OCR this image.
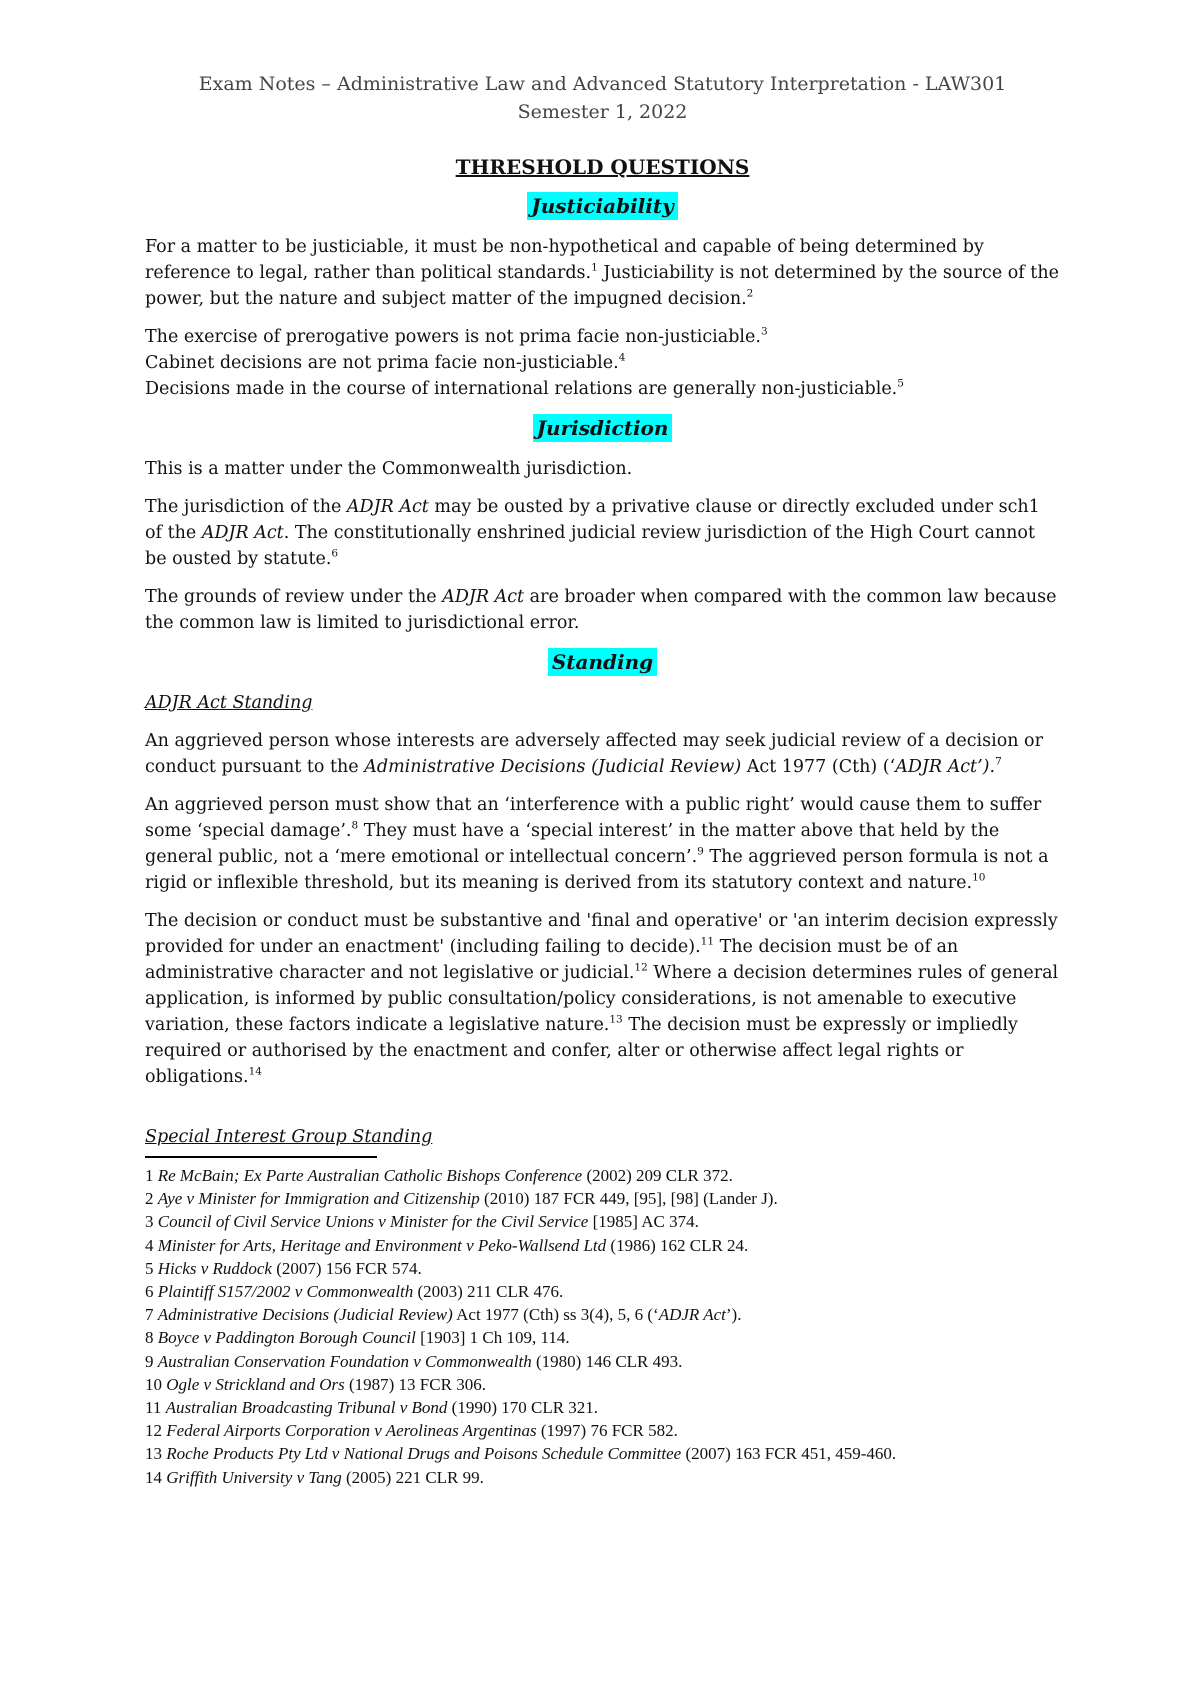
Exam Notes – Administrative Law and Advanced Statutory Interpretation - LAW301
Semester 1, 2022
THRESHOLD QUESTIONS
Justiciability

For a matter to be justiciable, it must be non-hypothetical and capable of being determined by reference to legal, rather than political standards.$^1$ Justiciability is not determined by the source of the power, but the nature and subject matter of the impugned decision.$^2$

The exercise of prerogative powers is not prima facie non-justiciable.$^3$

Cabinet decisions are not prima facie non-justiciable.$^4$

Decisions made in the course of international relations are generally non-justiciable.$^5$

Jurisdiction

This is a matter under the Commonwealth jurisdiction.

The jurisdiction of the ADJR Act may be ousted by a privative clause or directly excluded under sch1 of the ADJR Act. The constitutionally enshrined judicial review jurisdiction of the High Court cannot be ousted by statute.$^6$

The grounds of review under the ADJR Act are broader when compared with the common law because the common law is limited to jurisdictional error.

Standing
ADJR Act Standing

An aggrieved person whose interests are adversely affected may seek judicial review of a decision or conduct pursuant to the Administrative Decisions (Judicial Review) Act 1977 (Cth) (‘ADJR Act’).$^7$

An aggrieved person must show that an ‘interference with a public right’ would cause them to suffer some ‘special damage’.$^8$ They must have a ‘special interest’ in the matter above that held by the general public, not a ‘mere emotional or intellectual concern’.$^9$ The aggrieved person formula is not a rigid or inflexible threshold, but its meaning is derived from its statutory context and nature.$^{10}$

The decision or conduct must be substantive and 'final and operative' or 'an interim decision expressly provided for under an enactment' (including failing to decide).$^{11}$ The decision must be of an administrative character and not legislative or judicial.$^{12}$ Where a decision determines rules of general application, is informed by public consultation/policy considerations, is not amenable to executive variation, these factors indicate a legislative nature.$^{13}$ The decision must be expressly or impliedly required or authorised by the enactment and confer, alter or otherwise affect legal rights or obligations.$^{14}$

Special Interest Group Standing
1 Re McBain; Ex Parte Australian Catholic Bishops Conference (2002) 209 CLR 372.
2 Aye v Minister for Immigration and Citizenship (2010) 187 FCR 449, [95], [98] (Lander J).
3 Council of Civil Service Unions v Minister for the Civil Service [1985] AC 374.
4 Minister for Arts, Heritage and Environment v Peko-Wallsend Ltd (1986) 162 CLR 24.
5 Hicks v Ruddock (2007) 156 FCR 574.
6 Plaintiff S157/2002 v Commonwealth (2003) 211 CLR 476.
7 Administrative Decisions (Judicial Review) Act 1977 (Cth) ss 3(4), 5, 6 (‘ADJR Act’).
8 Boyce v Paddington Borough Council [1903] 1 Ch 109, 114.
9 Australian Conservation Foundation v Commonwealth (1980) 146 CLR 493.
10 Ogle v Strickland and Ors (1987) 13 FCR 306.
11 Australian Broadcasting Tribunal v Bond (1990) 170 CLR 321.
12 Federal Airports Corporation v Aerolineas Argentinas (1997) 76 FCR 582.
13 Roche Products Pty Ltd v National Drugs and Poisons Schedule Committee (2007) 163 FCR 451, 459-460.
14 Griffith University v Tang (2005) 221 CLR 99.
